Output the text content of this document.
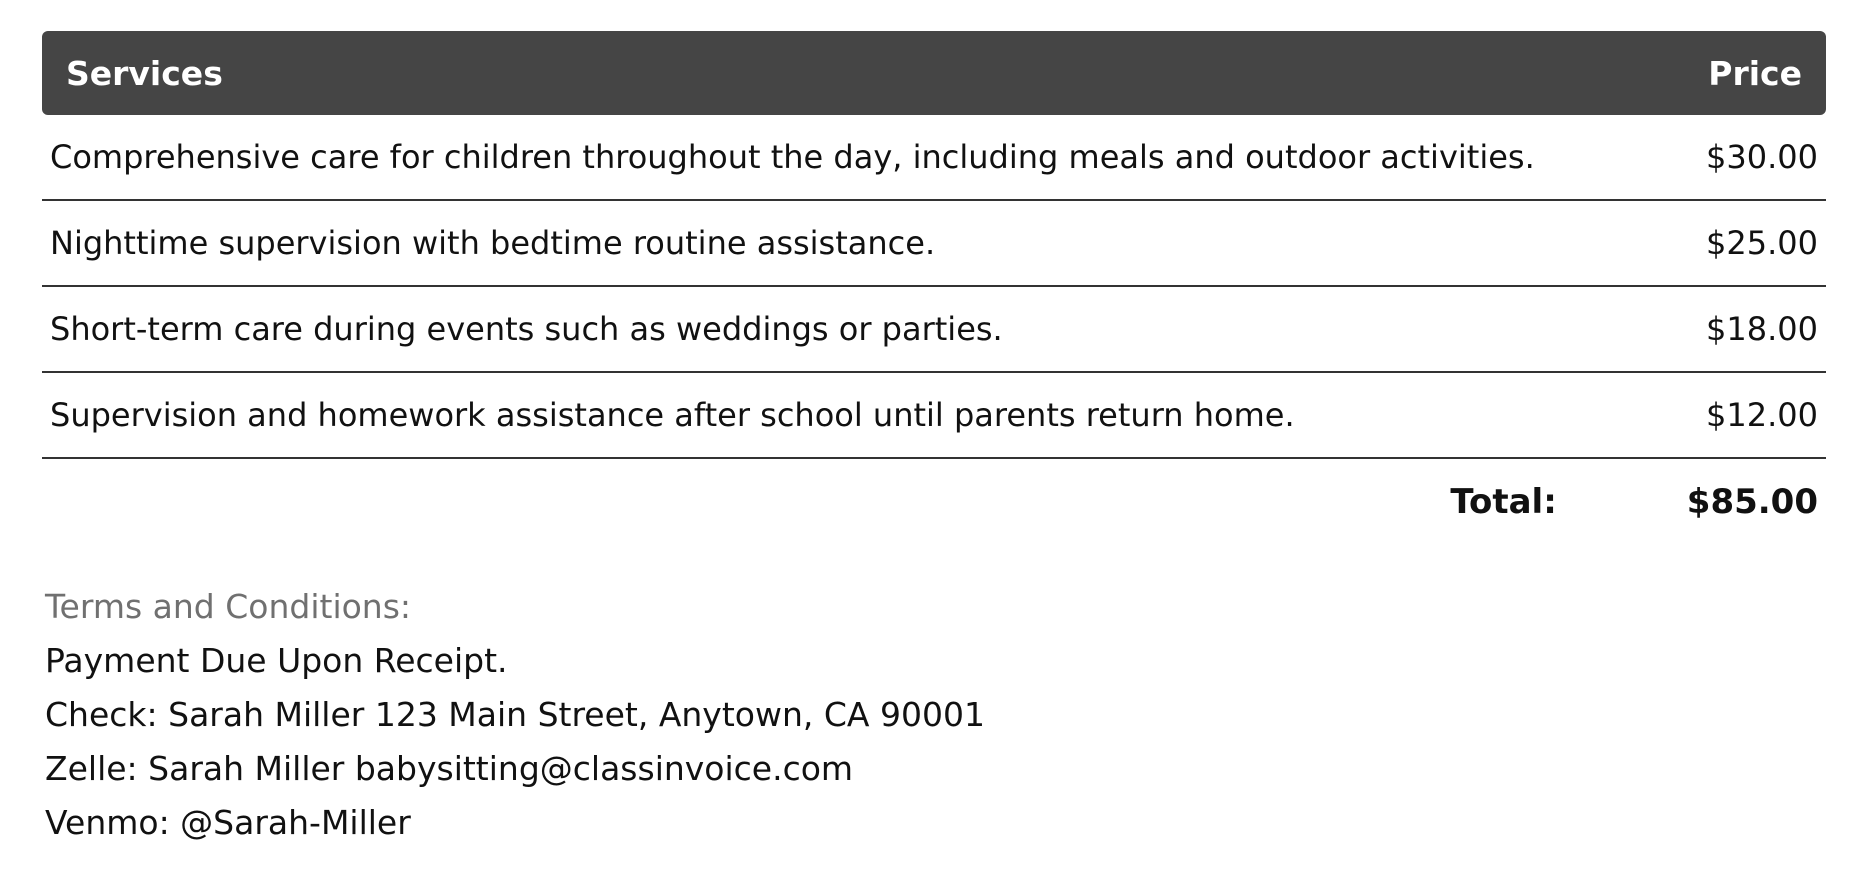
Services	Price
Comprehensive care for children throughout the day, including meals and outdoor activities.	$30.00
Nighttime supervision with bedtime routine assistance.	$25.00
Short-term care during events such as weddings or parties.	$18.00
Supervision and homework assistance after school until parents return home.	$12.00
Total:	$85.00
Terms and Conditions:
Payment Due Upon Receipt.
Check: Sarah Miller 123 Main Street, Anytown, CA 90001
Zelle: Sarah Miller babysitting@classinvoice.com
Venmo: @Sarah-Miller
